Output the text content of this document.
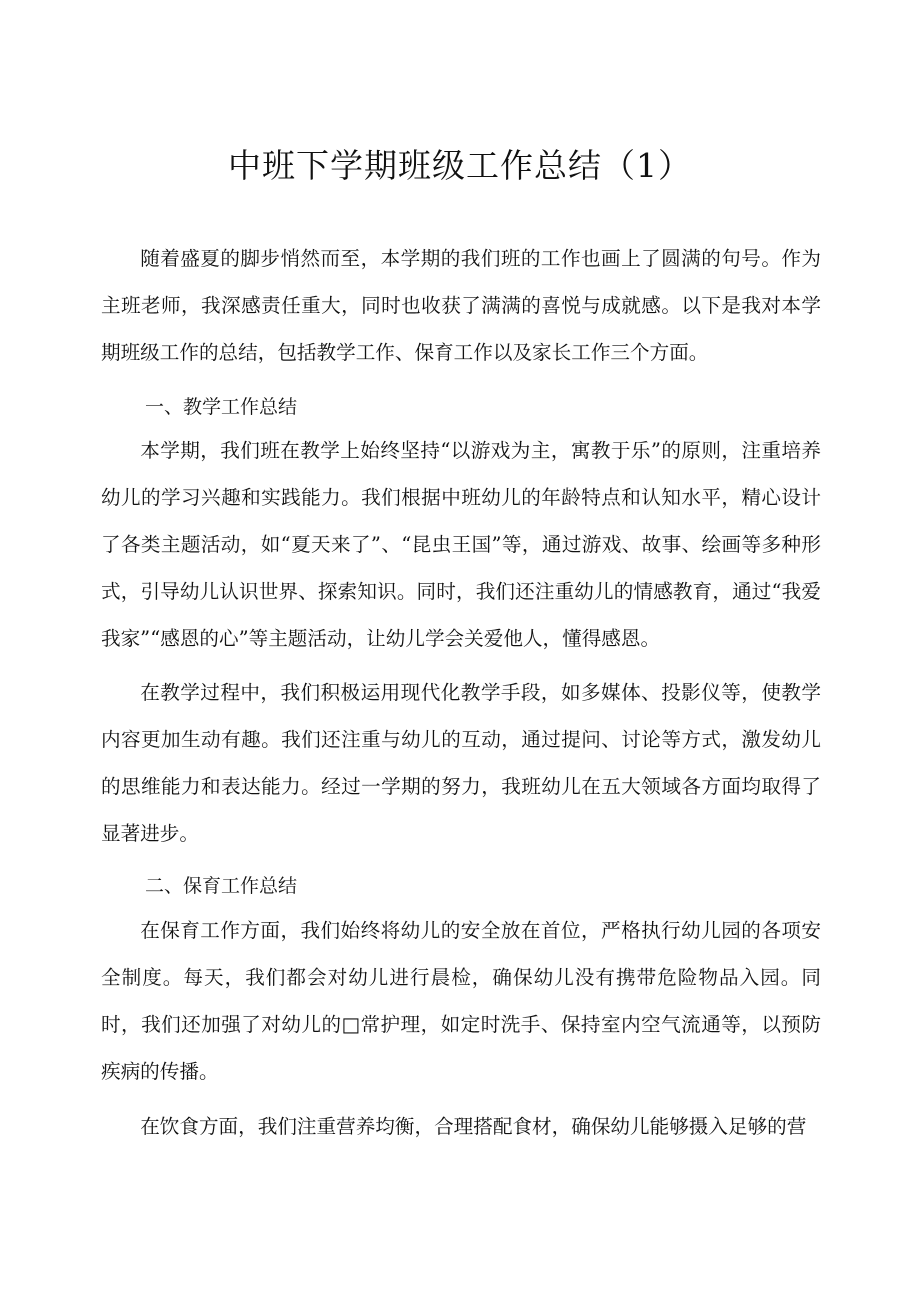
中班下学期班级工作总结（1）

随着盛夏的脚步悄然而至，本学期的我们班的工作也画上了圆满的句号。作为主班老师，我深感责任重大，同时也收获了满满的喜悦与成就感。以下是我对本学期班级工作的总结，包括教学工作、保育工作以及家长工作三个方面。

一、教学工作总结

本学期，我们班在教学上始终坚持“以游戏为主，寓教于乐”的原则，注重培养幼儿的学习兴趣和实践能力。我们根据中班幼儿的年龄特点和认知水平，精心设计了各类主题活动，如“夏天来了”、“昆虫王国”等，通过游戏、故事、绘画等多种形式，引导幼儿认识世界、探索知识。同时，我们还注重幼儿的情感教育，通过“我爱我家”“感恩的心”等主题活动，让幼儿学会关爱他人，懂得感恩。

在教学过程中，我们积极运用现代化教学手段，如多媒体、投影仪等，使教学内容更加生动有趣。我们还注重与幼儿的互动，通过提问、讨论等方式，激发幼儿的思维能力和表达能力。经过一学期的努力，我班幼儿在五大领域各方面均取得了显著进步。

二、保育工作总结

在保育工作方面，我们始终将幼儿的安全放在首位，严格执行幼儿园的各项安全制度。每天，我们都会对幼儿进行晨检，确保幼儿没有携带危险物品入园。同时，我们还加强了对幼儿的□常护理，如定时洗手、保持室内空气流通等，以预防疾病的传播。

在饮食方面，我们注重营养均衡，合理搭配食材，确保幼儿能够摄入足够的营
